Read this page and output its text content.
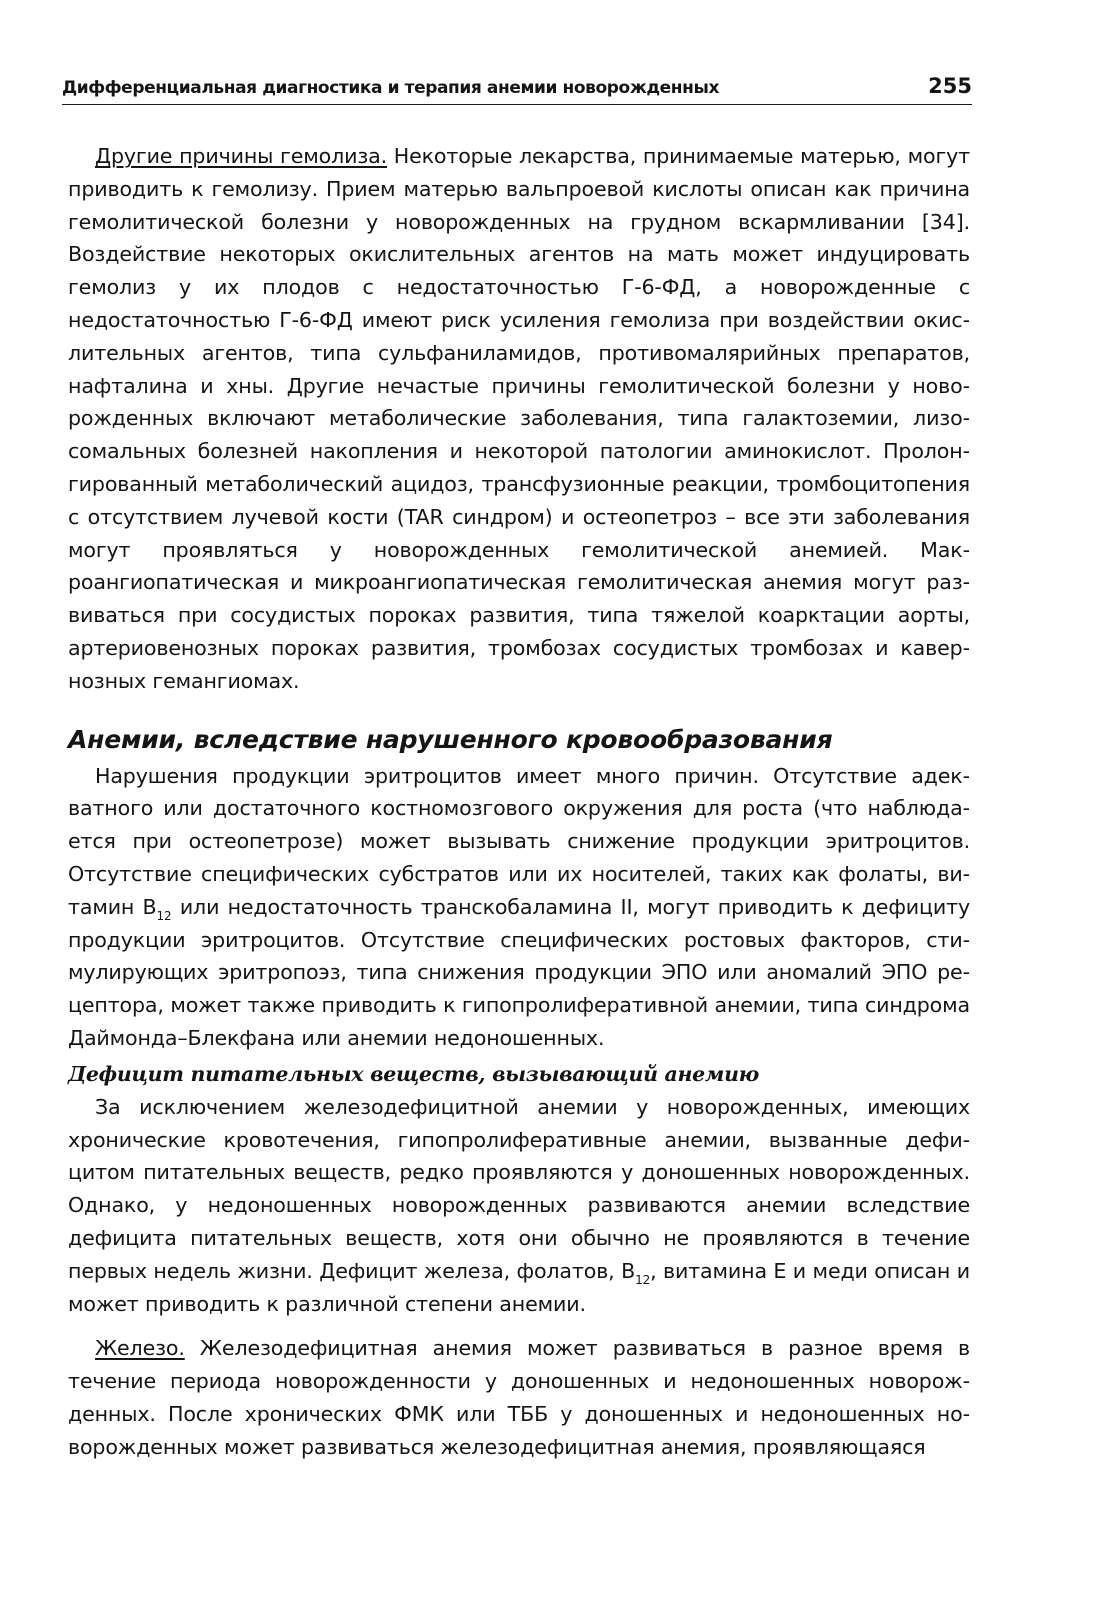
Дифференциальная диагностика и терапия анемии новорожденных	255

Другие причины гемолиза. Некоторые лекарства, принимаемые матерью, могут приводить к гемолизу. Прием матерью вальпроевой кислоты описан как причина гемолитической болезни у новорожденных на грудном вскармливании [34]. Воздействие некоторых окислительных агентов на мать может индуцировать гемолиз у их плодов с недостаточностью Г-6-ФД, а новорожденные с недостаточностью Г-6-ФД имеют риск усиления гемолиза при воздействии окислительных агентов, типа сульфаниламидов, противомалярийных препаратов, нафталина и хны. Другие нечастые причины гемолитической болезни у новорожденных включают метаболические заболевания, типа галактоземии, лизосомальных болезней накопления и некоторой патологии аминокислот. Пролонгированный метаболический ацидоз, трансфузионные реакции, тромбоцитопения с отсутствием лучевой кости (TAR синдром) и остеопетроз – все эти заболевания могут проявляться у новорожденных гемолитической анемией. Макроангиопатическая и микроангиопатическая гемолитическая анемия могут развиваться при сосудистых пороках развития, типа тяжелой коарктации аорты, артериовенозных пороках развития, тромбозах сосудистых тромбозах и кавернозных гемангиомах.

Анемии, вследствие нарушенного кровообразования

Нарушения продукции эритроцитов имеет много причин. Отсутствие адекватного или достаточного костномозгового окружения для роста (что наблюдается при остеопетрозе) может вызывать снижение продукции эритроцитов. Отсутствие специфических субстратов или их носителей, таких как фолаты, витамин $B_{12}$ или недостаточность транскобаламина II, могут приводить к дефициту продукции эритроцитов. Отсутствие специфических ростовых факторов, стимулирующих эритропоэз, типа снижения продукции ЭПО или аномалий ЭПО рецептора, может также приводить к гипопролиферативной анемии, типа синдрома Даймонда–Блекфана или анемии недоношенных.

Дефицит питательных веществ, вызывающий анемию

За исключением железодефицитной анемии у новорожденных, имеющих хронические кровотечения, гипопролиферативные анемии, вызванные дефицитом питательных веществ, редко проявляются у доношенных новорожденных. Однако, у недоношенных новорожденных развиваются анемии вследствие дефицита питательных веществ, хотя они обычно не проявляются в течение первых недель жизни. Дефицит железа, фолатов, $B_{12}$, витамина E и меди описан и может приводить к различной степени анемии.

Железо. Железодефицитная анемия может развиваться в разное время в течение периода новорожденности у доношенных и недоношенных новорожденных. После хронических ФМК или ТББ у доношенных и недоношенных новорожденных может развиваться железодефицитная анемия, проявляющаяся
